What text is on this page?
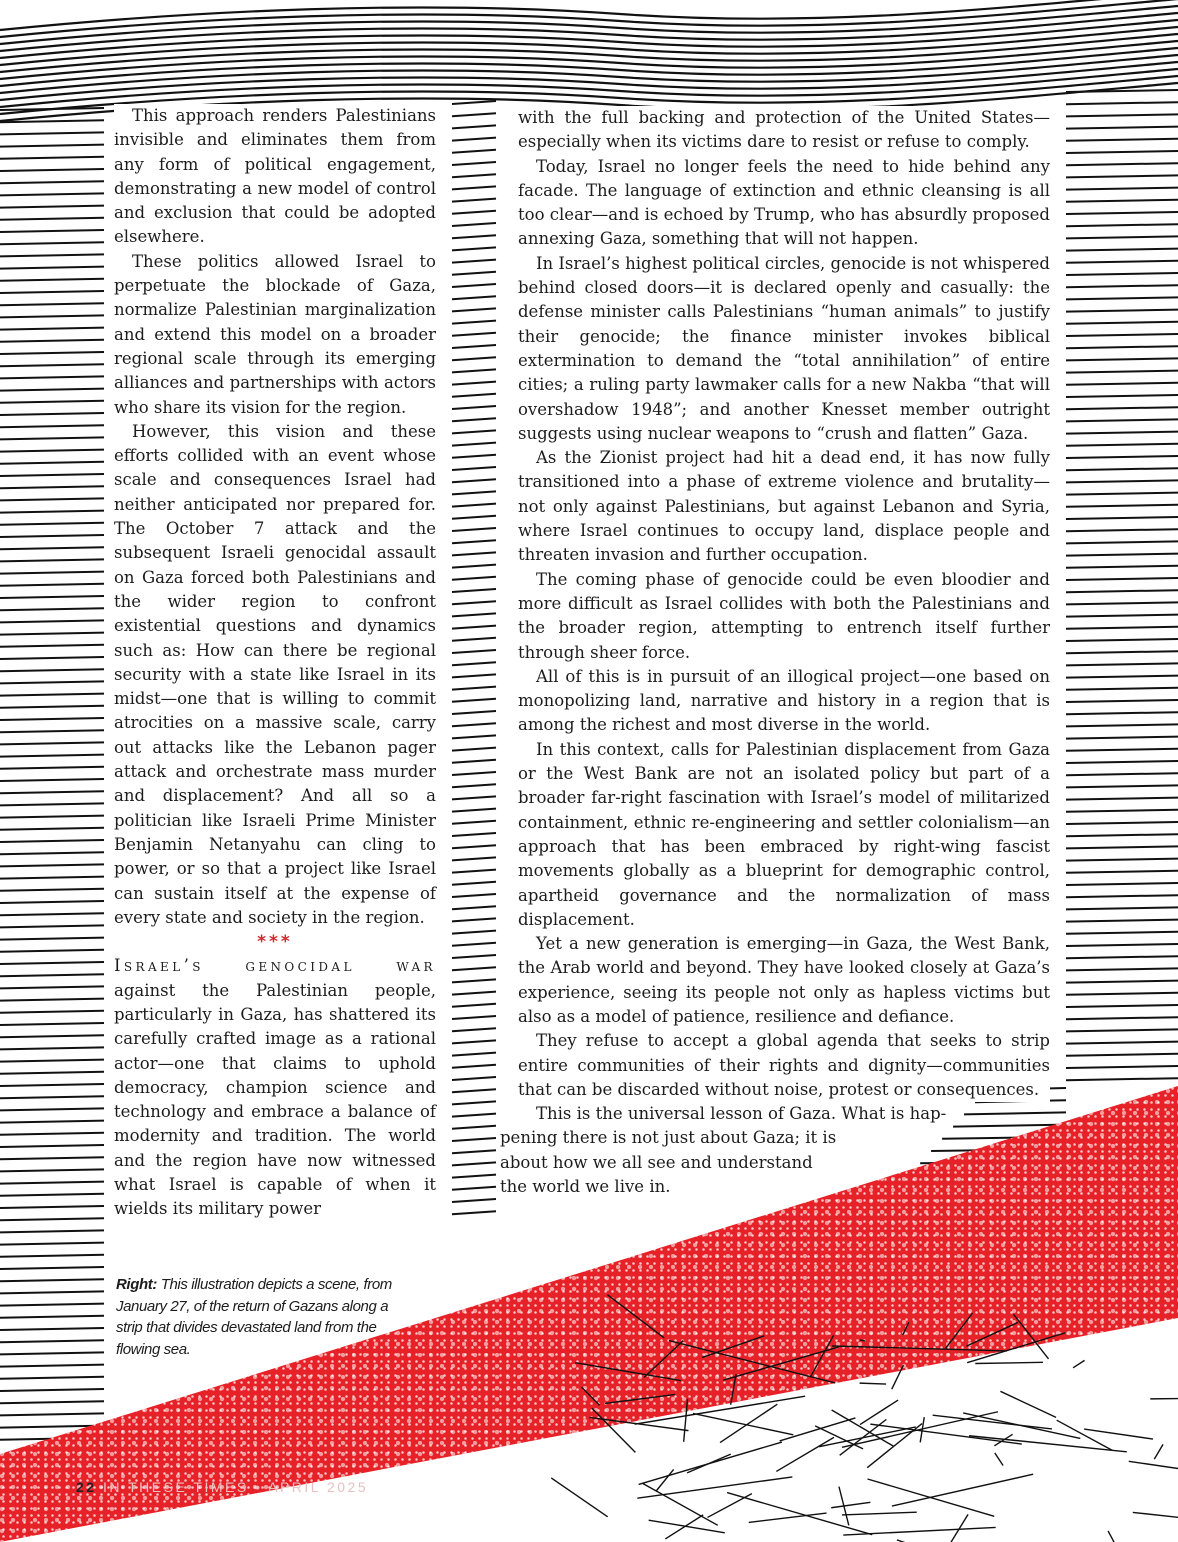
This approach renders Palestinians invisible and eliminates them from any form of political engagement, demonstrating a new model of control and exclusion that could be adopted elsewhere.

These politics allowed Israel to perpetuate the blockade of Gaza, normalize Palestinian marginalization and extend this model on a broader regional scale through its emerging alliances and partnerships with actors who share its vision for the region.

However, this vision and these efforts collided with an event whose scale and consequences Israel had neither anticipated nor prepared for. The October 7 attack and the subsequent Israeli genocidal assault on Gaza forced both Palestinians and the wider region to confront existential questions and dynamics such as: How can there be regional security with a state like Israel in its midst—one that is willing to commit atrocities on a massive scale, carry out attacks like the Lebanon pager attack and orchestrate mass murder and displacement? And all so a politician like Israeli Prime Minister Benjamin Netanyahu can cling to power, or so that a project like Israel can sustain itself at the expense of every state and society in the region.

***

Israel’s genocidal war against the Palestinian people, particularly in Gaza, has shattered its carefully crafted image as a rational actor—one that claims to uphold democracy, champion science and technology and embrace a balance of modernity and tradition. The world and the region have now witnessed what Israel is capable of when it wields its military power

with the full backing and protection of the United States—especially when its victims dare to resist or refuse to comply.

Today, Israel no longer feels the need to hide behind any facade. The language of extinction and ethnic cleansing is all too clear—and is echoed by Trump, who has absurdly proposed annexing Gaza, something that will not happen.

In Israel’s highest political circles, genocide is not whispered behind closed doors—it is declared openly and casually: the defense minister calls Palestinians “human animals” to justify their genocide; the finance minister invokes biblical extermination to demand the “total annihilation” of entire cities; a ruling party lawmaker calls for a new Nakba “that will overshadow 1948”; and another Knesset member outright suggests using nuclear weapons to “crush and flatten” Gaza.

As the Zionist project had hit a dead end, it has now fully transitioned into a phase of extreme violence and brutality—not only against Palestinians, but against Lebanon and Syria, where Israel continues to occupy land, displace people and threaten invasion and further occupation.

The coming phase of genocide could be even bloodier and more difficult as Israel collides with both the Palestinians and the broader region, attempting to entrench itself further through sheer force.

All of this is in pursuit of an illogical project—one based on monopolizing land, narrative and history in a region that is among the richest and most diverse in the world.

In this context, calls for Palestinian displacement from Gaza or the West Bank are not an isolated policy but part of a broader far-right fascination with Israel’s model of militarized containment, ethnic re-engineering and settler colonialism—an approach that has been embraced by right-wing fascist movements globally as a blueprint for demographic control, apartheid governance and the normalization of mass displacement.

Yet a new generation is emerging—in Gaza, the West Bank, the Arab world and beyond. They have looked closely at Gaza’s experience, seeing its people not only as hapless victims but also as a model of patience, resilience and defiance.

They refuse to accept a global agenda that seeks to strip entire communities of their rights and dignity—communities that can be discarded without noise, protest or consequences.

This is the universal lesson of Gaza. What is hap-
pening there is not just about Gaza; it is
about how we all see and understand
the world we live in.

Right: This illustration depicts a scene, from January 27, of the return of Gazans along a strip that divides devastated land from the flowing sea.
22 IN THESE TIMES • APRIL 2025
